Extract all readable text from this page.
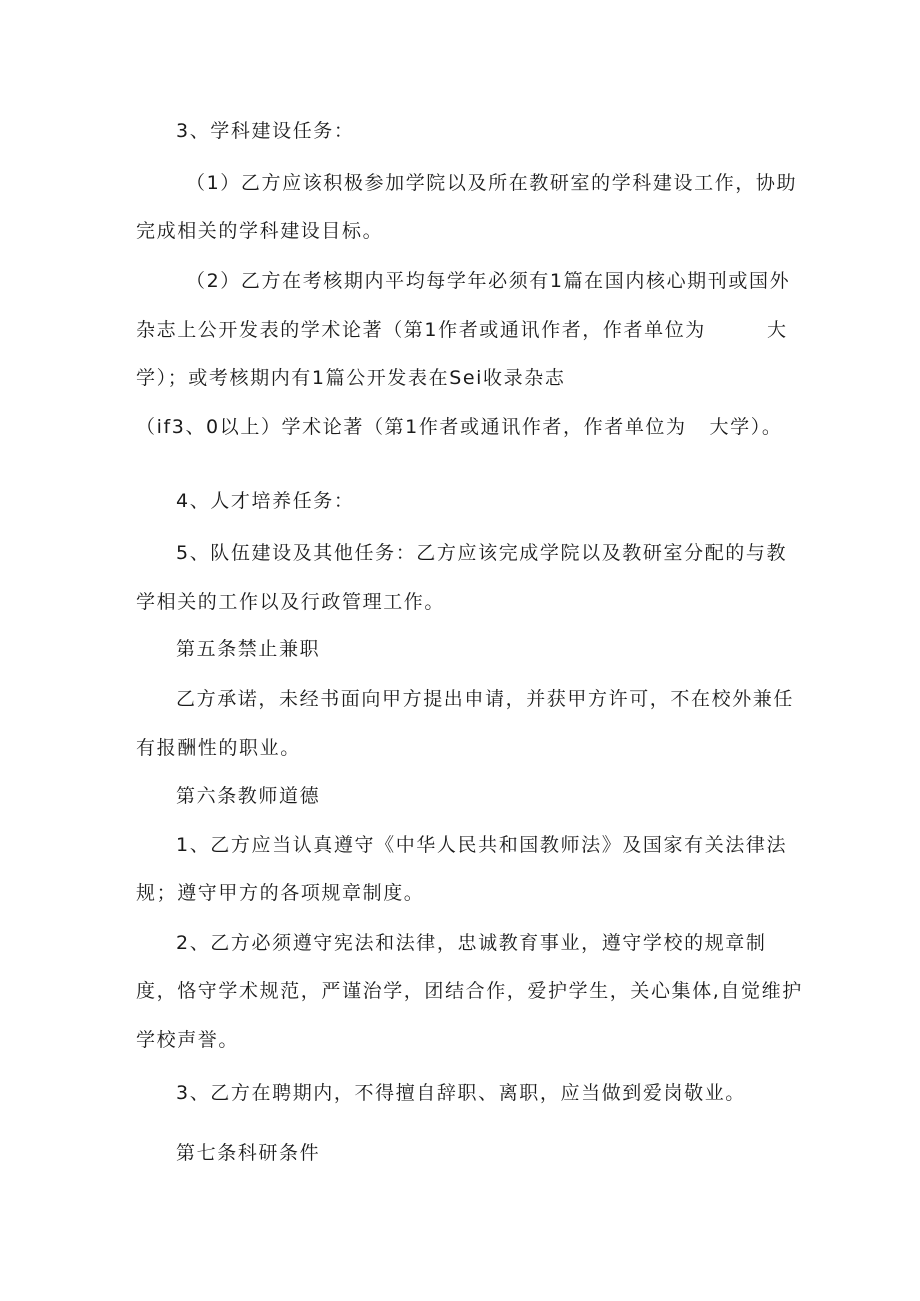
3、学科建设任务：

（1）乙方应该积极参加学院以及所在教研室的学科建设工作，协助

完成相关的学科建设目标。

（2）乙方在考核期内平均每学年必须有1篇在国内核心期刊或国外

杂志上公开发表的学术论著（第1作者或通讯作者，作者单位为        大

学）；或考核期内有1篇公开发表在Sei收录杂志

（if3、0以上）学术论著（第1作者或通讯作者，作者单位为   大学）。

4、人才培养任务：

5、队伍建设及其他任务：乙方应该完成学院以及教研室分配的与教

学相关的工作以及行政管理工作。

第五条禁止兼职

乙方承诺，未经书面向甲方提出申请，并获甲方许可，不在校外兼任

有报酬性的职业。

第六条教师道德

1、乙方应当认真遵守《中华人民共和国教师法》及国家有关法律法

规；遵守甲方的各项规章制度。

2、乙方必须遵守宪法和法律，忠诚教育事业，遵守学校的规章制

度，恪守学术规范，严谨治学，团结合作，爱护学生，关心集体,自觉维护

学校声誉。

3、乙方在聘期内，不得擅自辞职、离职，应当做到爱岗敬业。

第七条科研条件
